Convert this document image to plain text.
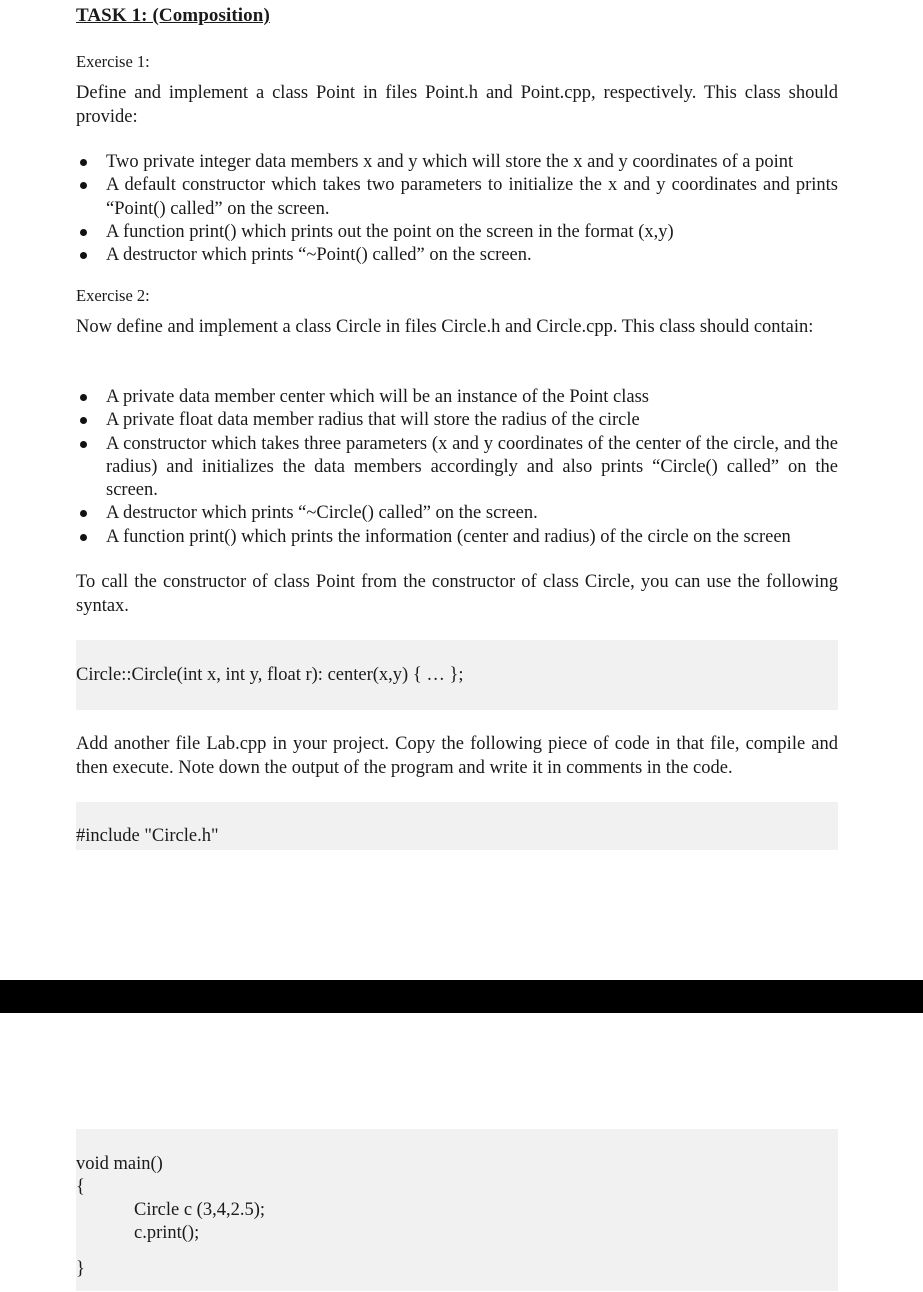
TASK 1: (Composition)
Exercise 1:
Define and implement a class Point in files Point.h and Point.cpp, respectively. This class should provide:
Two private integer data members x and y which will store the x and y coordinates of a point
A default constructor which takes two parameters to initialize the x and y coordinates and prints “Point() called” on the screen.
A function print() which prints out the point on the screen in the format (x,y)
A destructor which prints “~Point() called” on the screen.
Exercise 2:
Now define and implement a class Circle in files Circle.h and Circle.cpp. This class should contain:
A private data member center which will be an instance of the Point class
A private float data member radius that will store the radius of the circle
A constructor which takes three parameters (x and y coordinates of the center of the circle, and the radius) and initializes the data members accordingly and also prints “Circle() called” on the screen.
A destructor which prints “~Circle() called” on the screen.
A function print() which prints the information (center and radius) of the circle on the screen
To call the constructor of class Point from the constructor of class Circle, you can use the following syntax.
Circle::Circle(int x, int y, float r): center(x,y) { … };
Add another file Lab.cpp in your project. Copy the following piece of code in that file, compile and then execute. Note down the output of the program and write it in comments in the code.
#include "Circle.h"
void main()
{
Circle c (3,4,2.5);
c.print();
}
